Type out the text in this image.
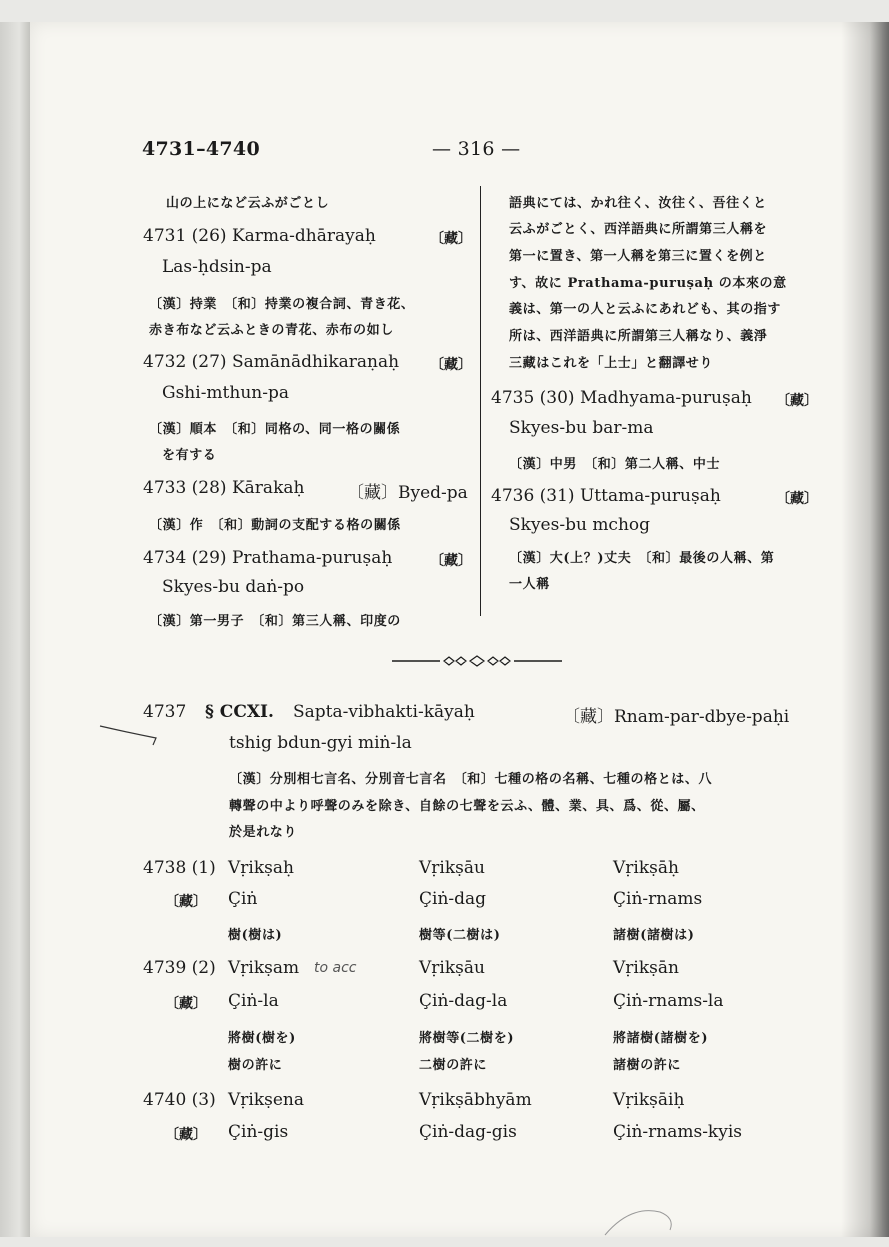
4731–4740	— 316 —
山の上になど云ふがごとし
4731 (26) Karma-dhārayaḥ	〔藏〕
Las-ḥdsin-pa
〔漢〕持業　〔和〕持業の複合詞、青き花、
赤き布など云ふときの青花、赤布の如し
4732 (27) Samānādhikaraṇaḥ 〔藏〕
Gshi-mthun-pa
〔漢〕順本　〔和〕同格の、同一格の關係
を有する
4733 (28) Kārakaḥ	〔藏〕Byed-pa
〔漢〕作　〔和〕動詞の支配する格の關係
4734 (29) Prathama-puruṣaḥ	〔藏〕
Skyes-bu daṅ-po
〔漢〕第一男子　〔和〕第三人稱、印度の
語典にては、かれ往く、汝往く、吾往くと
云ふがごとく、西洋語典に所謂第三人稱を
第一に置き、第一人稱を第三に置くを例と
す、故に Prathama-puruṣaḥ の本來の意
義は、第一の人と云ふにあれども、其の指す
所は、西洋語典に所謂第三人稱なり、義淨
三藏はこれを「上士」と翻譯せり
4735 (30) Madhyama-puruṣaḥ 〔藏〕
Skyes-bu bar-ma
〔漢〕中男　〔和〕第二人稱、中士
4736 (31) Uttama-puruṣaḥ	〔藏〕
Skyes-bu mchog
〔漢〕大(上？)丈夫　〔和〕最後の人稱、第
一人稱
4737 § CCXI. Sapta-vibhakti-kāyaḥ	〔藏〕Rnam-par-dbye-paḥi
tshig bdun-gyi miṅ-la
〔漢〕分別相七言名、分別音七言名　〔和〕七種の格の名稱、七種の格とは、八
轉聲の中より呼聲のみを除き、自餘の七聲を云ふ、體、業、具、爲、從、屬、
於是れなり
4738 (1) Vṛikṣaḥ	Vṛikṣāu	Vṛikṣāḥ
〔藏〕 Çiṅ	Çiṅ-dag	Çiṅ-rnams
樹(樹は)	樹等(二樹は)	諸樹(諸樹は)
4739 (2) Vṛikṣam to acc	Vṛikṣāu	Vṛikṣān
〔藏〕 Çiṅ-la	Çiṅ-dag-la	Çiṅ-rnams-la
將樹(樹を)	將樹等(二樹を)	將諸樹(諸樹を)
樹の許に	二樹の許に	諸樹の許に
4740 (3) Vṛikṣena	Vṛikṣābhyām	Vṛikṣāiḥ
〔藏〕 Çiṅ-gis	Çiṅ-dag-gis	Çiṅ-rnams-kyis
